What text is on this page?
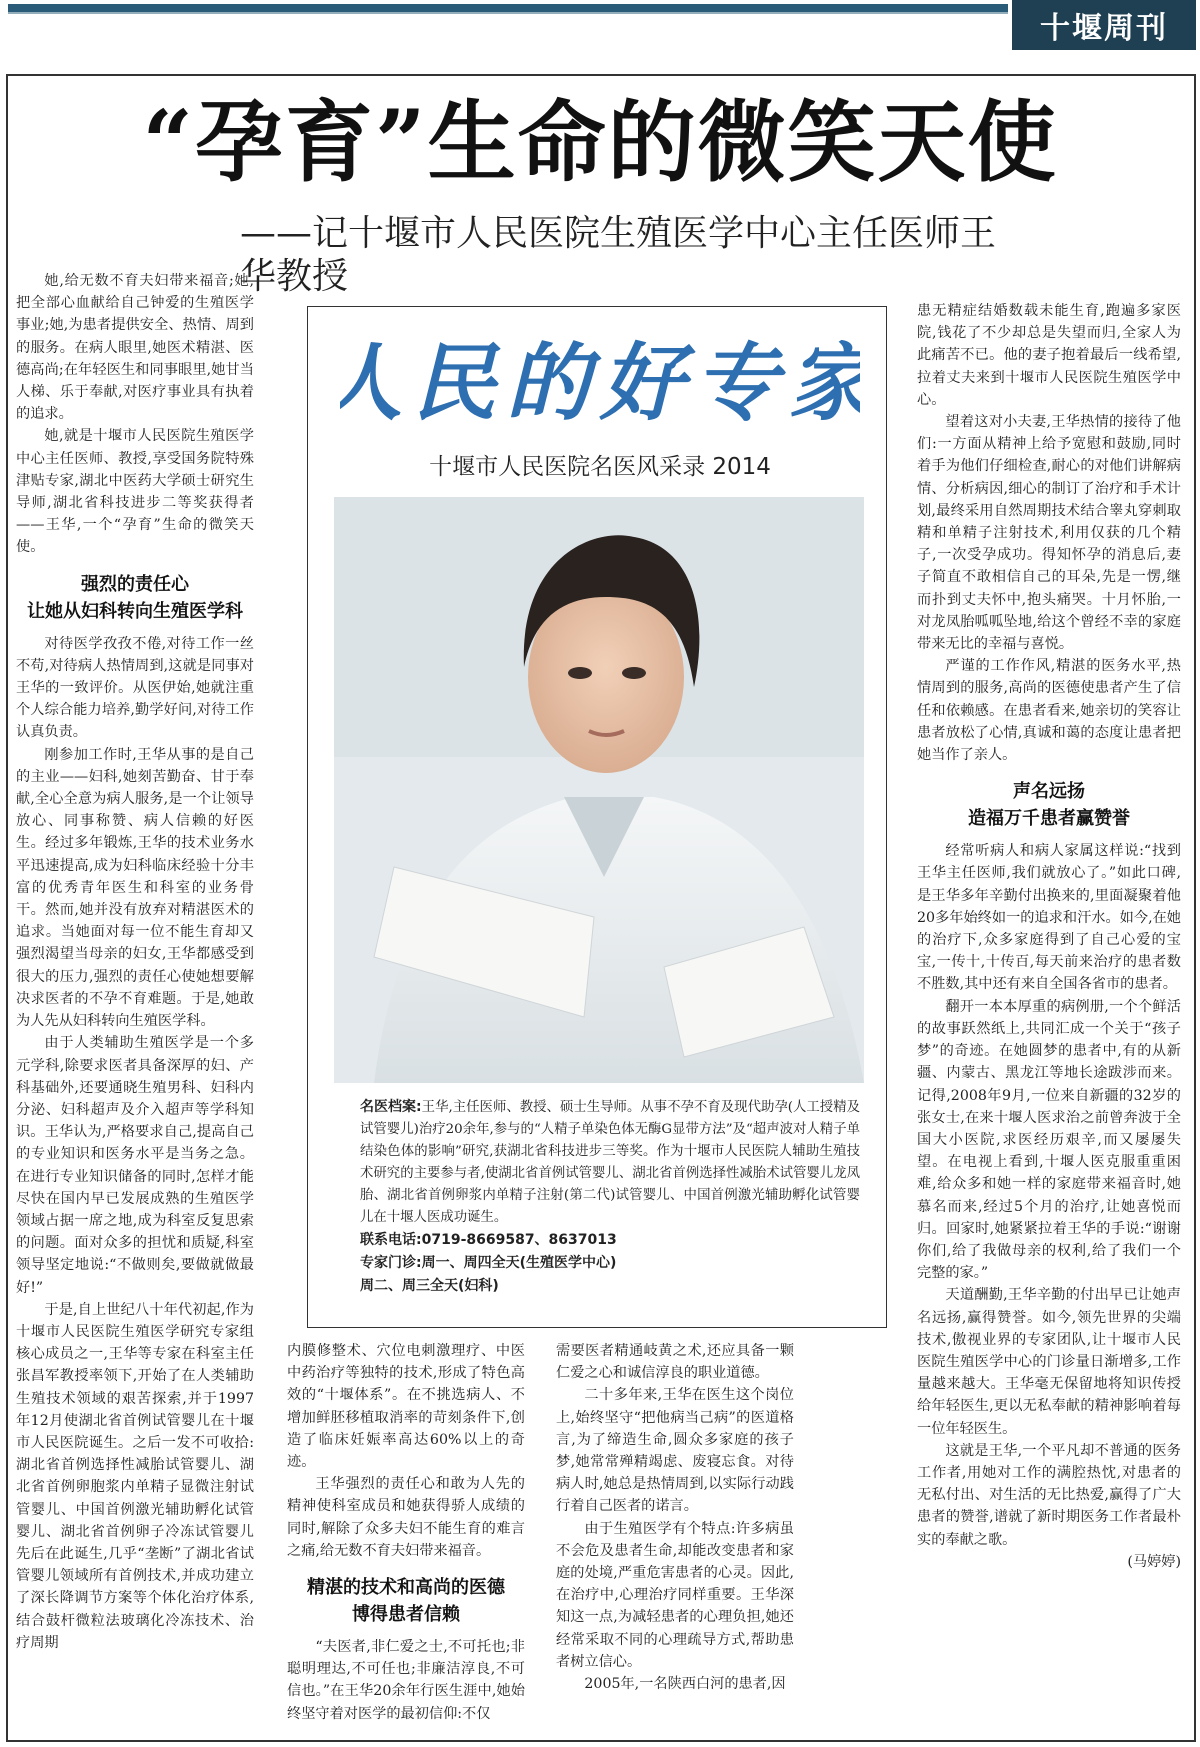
十堰周刊
“孕育”生命的微笑天使
——记十堰市人民医院生殖医学中心主任医师王华教授

她,给无数不育夫妇带来福音;她,把全部心血献给自己钟爱的生殖医学事业;她,为患者提供安全、热情、周到的服务。在病人眼里,她医术精湛、医德高尚;在年轻医生和同事眼里,她甘当人梯、乐于奉献,对医疗事业具有执着的追求。

她,就是十堰市人民医院生殖医学中心主任医师、教授,享受国务院特殊津贴专家,湖北中医药大学硕士研究生导师,湖北省科技进步二等奖获得者——王华,一个“孕育”生命的微笑天使。

强烈的责任心
让她从妇科转向生殖医学科

对待医学孜孜不倦,对待工作一丝不苟,对待病人热情周到,这就是同事对王华的一致评价。从医伊始,她就注重个人综合能力培养,勤学好问,对待工作认真负责。

刚参加工作时,王华从事的是自己的主业——妇科,她刻苦勤奋、甘于奉献,全心全意为病人服务,是一个让领导放心、同事称赞、病人信赖的好医生。经过多年锻炼,王华的技术业务水平迅速提高,成为妇科临床经验十分丰富的优秀青年医生和科室的业务骨干。然而,她并没有放弃对精湛医术的追求。当她面对每一位不能生育却又强烈渴望当母亲的妇女,王华都感受到很大的压力,强烈的责任心使她想要解决求医者的不孕不育难题。于是,她敢为人先从妇科转向生殖医学科。

由于人类辅助生殖医学是一个多元学科,除要求医者具备深厚的妇、产科基础外,还要通晓生殖男科、妇科内分泌、妇科超声及介入超声等学科知识。王华认为,严格要求自己,提高自己的专业知识和医务水平是当务之急。在进行专业知识储备的同时,怎样才能尽快在国内早已发展成熟的生殖医学领域占据一席之地,成为科室反复思索的问题。面对众多的担忧和质疑,科室领导坚定地说:“不做则矣,要做就做最好!”

于是,自上世纪八十年代初起,作为十堰市人民医院生殖医学研究专家组核心成员之一,王华等专家在科室主任张昌军教授率领下,开始了在人类辅助生殖技术领域的艰苦探索,并于1997年12月使湖北省首例试管婴儿在十堰市人民医院诞生。之后一发不可收拾:湖北省首例选择性减胎试管婴儿、湖北省首例卵胞浆内单精子显微注射试管婴儿、中国首例激光辅助孵化试管婴儿、湖北省首例卵子冷冻试管婴儿先后在此诞生,几乎“垄断”了湖北省试管婴儿领域所有首例技术,并成功建立了深长降调节方案等个体化治疗体系,结合鼓杆微粒法玻璃化冷冻技术、治疗周期

人民的好专家
十堰市人民医院名医风采录 2014
名医档案:王华,主任医师、教授、硕士生导师。从事不孕不育及现代助孕(人工授精及试管婴儿)治疗20余年,参与的“人精子单染色体无酶G显带方法”及“超声波对人精子单结染色体的影响”研究,获湖北省科技进步三等奖。作为十堰市人民医院人辅助生殖技术研究的主要参与者,使湖北省首例试管婴儿、湖北省首例选择性减胎术试管婴儿龙凤胎、湖北省首例卵浆内单精子注射(第二代)试管婴儿、中国首例激光辅助孵化试管婴儿在十堰人医成功诞生。
联系电话:0719-8669587、8637013
专家门诊:周一、周四全天(生殖医学中心)
周二、周三全天(妇科)

内膜修整术、穴位电刺激理疗、中医中药治疗等独特的技术,形成了特色高效的“十堰体系”。在不挑选病人、不增加鲜胚移植取消率的苛刻条件下,创造了临床妊娠率高达60%以上的奇迹。

王华强烈的责任心和敢为人先的精神使科室成员和她获得骄人成绩的同时,解除了众多夫妇不能生育的难言之痛,给无数不育夫妇带来福音。

精湛的技术和高尚的医德
博得患者信赖

“夫医者,非仁爱之士,不可托也;非聪明理达,不可任也;非廉洁淳良,不可信也。”在王华20余年行医生涯中,她始终坚守着对医学的最初信仰:不仅

需要医者精通岐黄之术,还应具备一颗仁爱之心和诚信淳良的职业道德。

二十多年来,王华在医生这个岗位上,始终坚守“把他病当己病”的医道格言,为了缔造生命,圆众多家庭的孩子梦,她常常殚精竭虑、废寝忘食。对待病人时,她总是热情周到,以实际行动践行着自己医者的诺言。

由于生殖医学有个特点:许多病虽不会危及患者生命,却能改变患者和家庭的处境,严重危害患者的心灵。因此,在治疗中,心理治疗同样重要。王华深知这一点,为减轻患者的心理负担,她还经常采取不同的心理疏导方式,帮助患者树立信心。

2005年,一名陕西白河的患者,因

患无精症结婚数载未能生育,跑遍多家医院,钱花了不少却总是失望而归,全家人为此痛苦不已。他的妻子抱着最后一线希望,拉着丈夫来到十堰市人民医院生殖医学中心。

望着这对小夫妻,王华热情的接待了他们:一方面从精神上给予宽慰和鼓励,同时着手为他们仔细检查,耐心的对他们讲解病情、分析病因,细心的制订了治疗和手术计划,最终采用自然周期技术结合睾丸穿刺取精和单精子注射技术,利用仅获的几个精子,一次受孕成功。得知怀孕的消息后,妻子简直不敢相信自己的耳朵,先是一愣,继而扑到丈夫怀中,抱头痛哭。十月怀胎,一对龙凤胎呱呱坠地,给这个曾经不幸的家庭带来无比的幸福与喜悦。

严谨的工作作风,精湛的医务水平,热情周到的服务,高尚的医德使患者产生了信任和依赖感。在患者看来,她亲切的笑容让患者放松了心情,真诚和蔼的态度让患者把她当作了亲人。

声名远扬
造福万千患者赢赞誉

经常听病人和病人家属这样说:“找到王华主任医师,我们就放心了。”如此口碑,是王华多年辛勤付出换来的,里面凝聚着他20多年始终如一的追求和汗水。如今,在她的治疗下,众多家庭得到了自己心爱的宝宝,一传十,十传百,每天前来治疗的患者数不胜数,其中还有来自全国各省市的患者。

翻开一本本厚重的病例册,一个个鲜活的故事跃然纸上,共同汇成一个关于“孩子梦”的奇迹。在她圆梦的患者中,有的从新疆、内蒙古、黑龙江等地长途跋涉而来。记得,2008年9月,一位来自新疆的32岁的张女士,在来十堰人医求治之前曾奔波于全国大小医院,求医经历艰辛,而又屡屡失望。在电视上看到,十堰人医克服重重困难,给众多和她一样的家庭带来福音时,她慕名而来,经过5个月的治疗,让她喜悦而归。回家时,她紧紧拉着王华的手说:“谢谢你们,给了我做母亲的权利,给了我们一个完整的家。”

天道酬勤,王华辛勤的付出早已让她声名远扬,赢得赞誉。如今,领先世界的尖端技术,傲视业界的专家团队,让十堰市人民医院生殖医学中心的门诊量日渐增多,工作量越来越大。王华毫无保留地将知识传授给年轻医生,更以无私奉献的精神影响着每一位年轻医生。

这就是王华,一个平凡却不普通的医务工作者,用她对工作的满腔热忱,对患者的无私付出、对生活的无比热爱,赢得了广大患者的赞誉,谱就了新时期医务工作者最朴实的奉献之歌。

(马婷婷)
